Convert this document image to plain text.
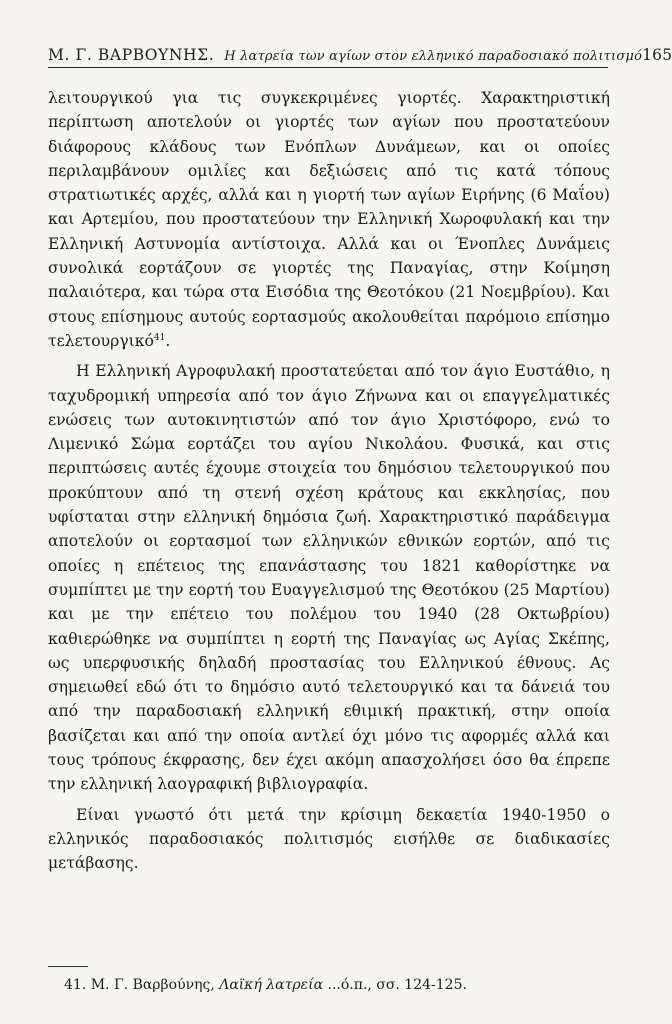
Μ. Γ. ΒΑΡΒΟΥΝΗΣ. Η λατρεία των αγίων στον ελληνικό παραδοσιακό πολιτισμό 165

λειτουργικού για τις συγκεκριμένες γιορτές. Χαρακτηριστική περίπτωση αποτελούν οι γιορτές των αγίων που προστατεύουν διάφορους κλάδους των Ενόπλων Δυνάμεων, και οι οποίες περιλαμβάνουν ομιλίες και δεξιώσεις από τις κατά τόπους στρατιωτικές αρχές, αλλά και η γιορτή των αγίων Ειρήνης (6 Μαΐου) και Αρτεμίου, που προστατεύουν την Ελληνική Χωροφυλακή και την Ελληνική Αστυνομία αντίστοιχα. Αλλά και οι Ένοπλες Δυνάμεις συνολικά εορτάζουν σε γιορτές της Παναγίας, στην Κοίμηση παλαιότερα, και τώρα στα Εισόδια της Θεοτόκου (21 Νοεμβρίου). Και στους επίσημους αυτούς εορτασμούς ακολουθείται παρόμοιο επίσημο τελετουργικό$^{41}$.

Η Ελληνική Αγροφυλακή προστατεύεται από τον άγιο Ευστάθιο, η ταχυδρομική υπηρεσία από τον άγιο Ζήνωνα και οι επαγγελματικές ενώσεις των αυτοκινητιστών από τον άγιο Χριστόφορο, ενώ το Λιμενικό Σώμα εορτάζει του αγίου Νικολάου. Φυσικά, και στις περιπτώσεις αυτές έχουμε στοιχεία του δημόσιου τελετουργικού που προκύπτουν από τη στενή σχέση κράτους και εκκλησίας, που υφίσταται στην ελληνική δημόσια ζωή. Χαρακτηριστικό παράδειγμα αποτελούν οι εορτασμοί των ελληνικών εθνικών εορτών, από τις οποίες η επέτειος της επανάστασης του 1821 καθορίστηκε να συμπίπτει με την εορτή του Ευαγγελισμού της Θεοτόκου (25 Μαρτίου) και με την επέτειο του πολέμου του 1940 (28 Οκτωβρίου) καθιερώθηκε να συμπίπτει η εορτή της Παναγίας ως Αγίας Σκέπης, ως υπερφυσικής δηλαδή προστασίας του Ελληνικού έθνους. Ας σημειωθεί εδώ ότι το δημόσιο αυτό τελετουργικό και τα δάνειά του από την παραδοσιακή ελληνική εθιμική πρακτική, στην οποία βασίζεται και από την οποία αντλεί όχι μόνο τις αφορμές αλλά και τους τρόπους έκφρασης, δεν έχει ακόμη απασχολήσει όσο θα έπρεπε την ελληνική λαογραφική βιβλιογραφία.

Είναι γνωστό ότι μετά την κρίσιμη δεκαετία 1940-1950 ο ελληνικός παραδοσιακός πολιτισμός εισήλθε σε διαδικασίες μετάβασης.

41. Μ. Γ. Βαρβούνης, Λαϊκή λατρεία ...ό.π., σσ. 124-125.
